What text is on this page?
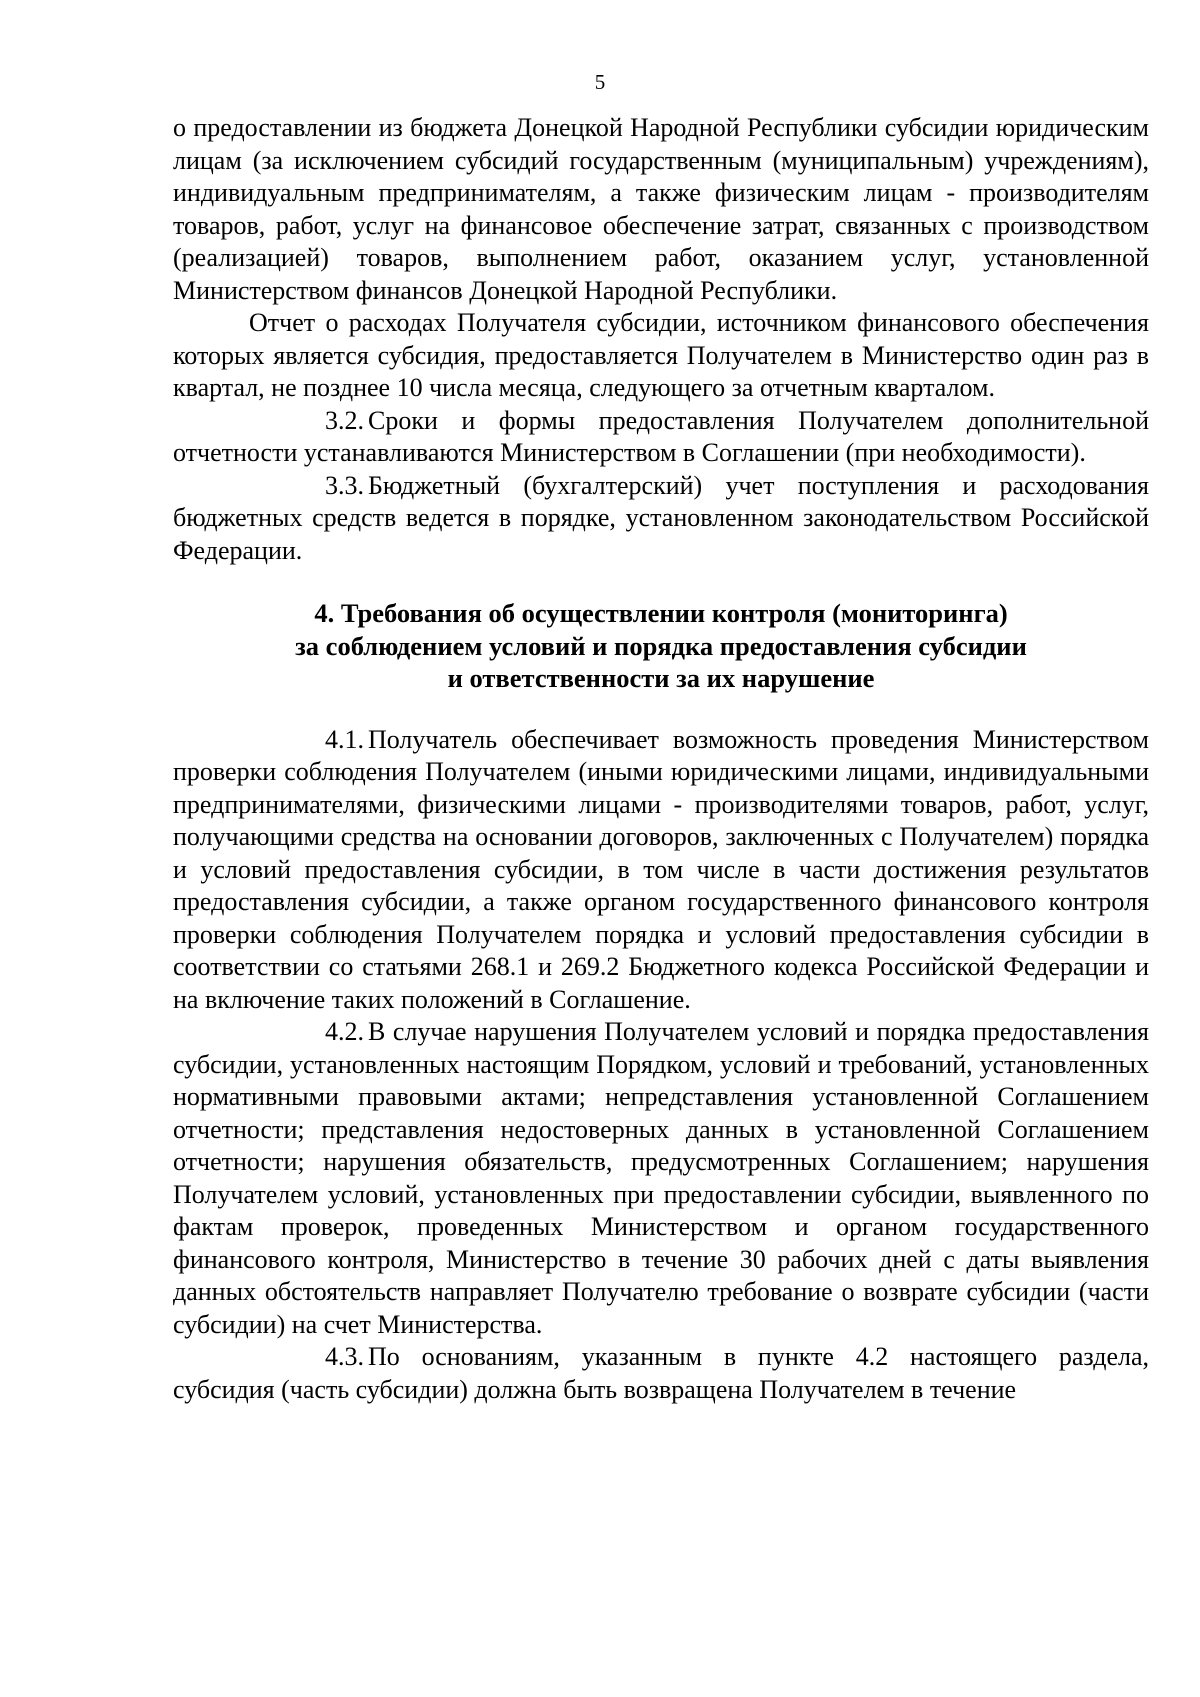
5

о предоставлении из бюджета Донецкой Народной Республики субсидии юридическим лицам (за исключением субсидий государственным (муниципальным) учреждениям), индивидуальным предпринимателям, а также физическим лицам - производителям товаров, работ, услуг на финансовое обеспечение затрат, связанных с производством (реализацией) товаров, выполнением работ, оказанием услуг, установленной Министерством финансов Донецкой Народной Республики.

Отчет о расходах Получателя субсидии, источником финансового обеспечения которых является субсидия, предоставляется Получателем в Министерство один раз в квартал, не позднее 10 числа месяца, следующего за отчетным кварталом.

3.2. Сроки и формы предоставления Получателем дополнительной отчетности устанавливаются Министерством в Соглашении (при необходимости).

3.3. Бюджетный (бухгалтерский) учет поступления и расходования бюджетных средств ведется в порядке, установленном законодательством Российской Федерации.

4. Требования об осуществлении контроля (мониторинга)
за соблюдением условий и порядка предоставления субсидии
и ответственности за их нарушение

4.1. Получатель обеспечивает возможность проведения Министерством проверки соблюдения Получателем (иными юридическими лицами, индивидуальными предпринимателями, физическими лицами - производителями товаров, работ, услуг, получающими средства на основании договоров, заключенных с Получателем) порядка и условий предоставления субсидии, в том числе в части достижения результатов предоставления субсидии, а также органом государственного финансового контроля проверки соблюдения Получателем порядка и условий предоставления субсидии в соответствии со статьями 268.1 и 269.2 Бюджетного кодекса Российской Федерации и на включение таких положений в Соглашение.

4.2. В случае нарушения Получателем условий и порядка предоставления субсидии, установленных настоящим Порядком, условий и требований, установленных нормативными правовыми актами; непредставления установленной Соглашением отчетности; представления недостоверных данных в установленной Соглашением отчетности; нарушения обязательств, предусмотренных Соглашением; нарушения Получателем условий, установленных при предоставлении субсидии, выявленного по фактам проверок, проведенных Министерством и органом государственного финансового контроля, Министерство в течение 30 рабочих дней с даты выявления данных обстоятельств направляет Получателю требование о возврате субсидии (части субсидии) на счет Министерства.

4.3. По основаниям, указанным в пункте 4.2 настоящего раздела, субсидия (часть субсидии) должна быть возвращена Получателем в течение
